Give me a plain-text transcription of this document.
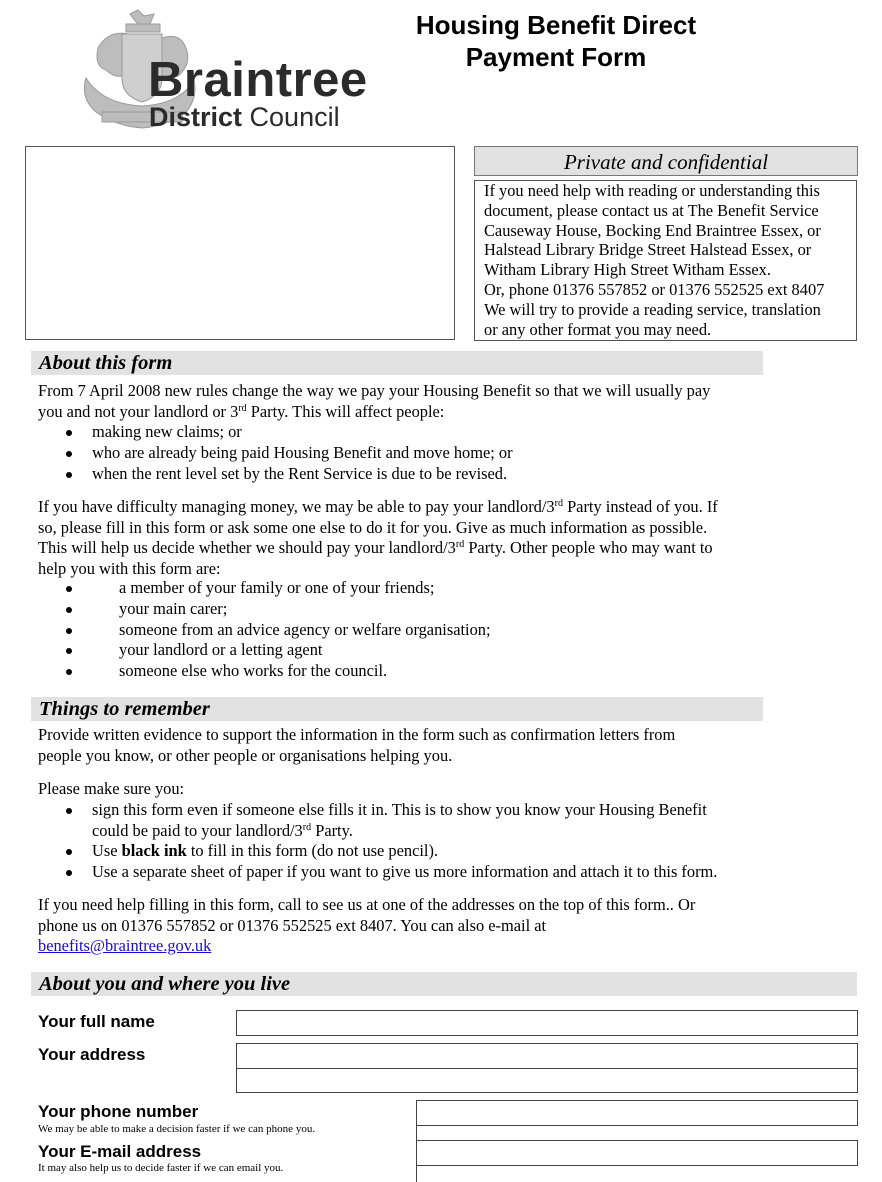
Braintree
District Council
Housing Benefit Direct
Payment Form
Private and confidential

If you need help with reading or understanding this

document, please contact us at The Benefit Service

Causeway House, Bocking End Braintree Essex, or

Halstead Library Bridge Street Halstead Essex, or

Witham Library High Street Witham Essex.

Or, phone 01376 557852 or 01376 552525 ext 8407

We will try to provide a reading service, translation

or any other format you may need.

About this form

From 7 April 2008 new rules change the way we pay your Housing Benefit so that we will usually pay

you and not your landlord or 3rd Party. This will affect people:

making new claims; or
who are already being paid Housing Benefit and move home; or
when the rent level set by the Rent Service is due to be revised.

If you have difficulty managing money, we may be able to pay your landlord/3rd Party instead of you. If

so, please fill in this form or ask some one else to do it for you. Give as much information as possible.

This will help us decide whether we should pay your landlord/3rd Party. Other people who may want to

help you with this form are:

a member of your family or one of your friends;
your main carer;
someone from an advice agency or welfare organisation;
your landlord or a letting agent
someone else who works for the council.
Things to remember

Provide written evidence to support the information in the form such as confirmation letters from

people you know, or other people or organisations helping you.

Please make sure you:
sign this form even if someone else fills it in. This is to show you know your Housing Benefit
could be paid to your landlord/3rd Party.
Use black ink to fill in this form (do not use pencil).
Use a separate sheet of paper if you want to give us more information and attach it to this form.

If you need help filling in this form, call to see us at one of the addresses on the top of this form.. Or

phone us on 01376 557852 or 01376 552525 ext 8407. You can also e-mail at

benefits@braintree.gov.uk

About you and where you live
Your full name
Your address
Your phone number
We may be able to make a decision faster if we can phone you.
Your E-mail address
It may also help us to decide faster if we can email you.
